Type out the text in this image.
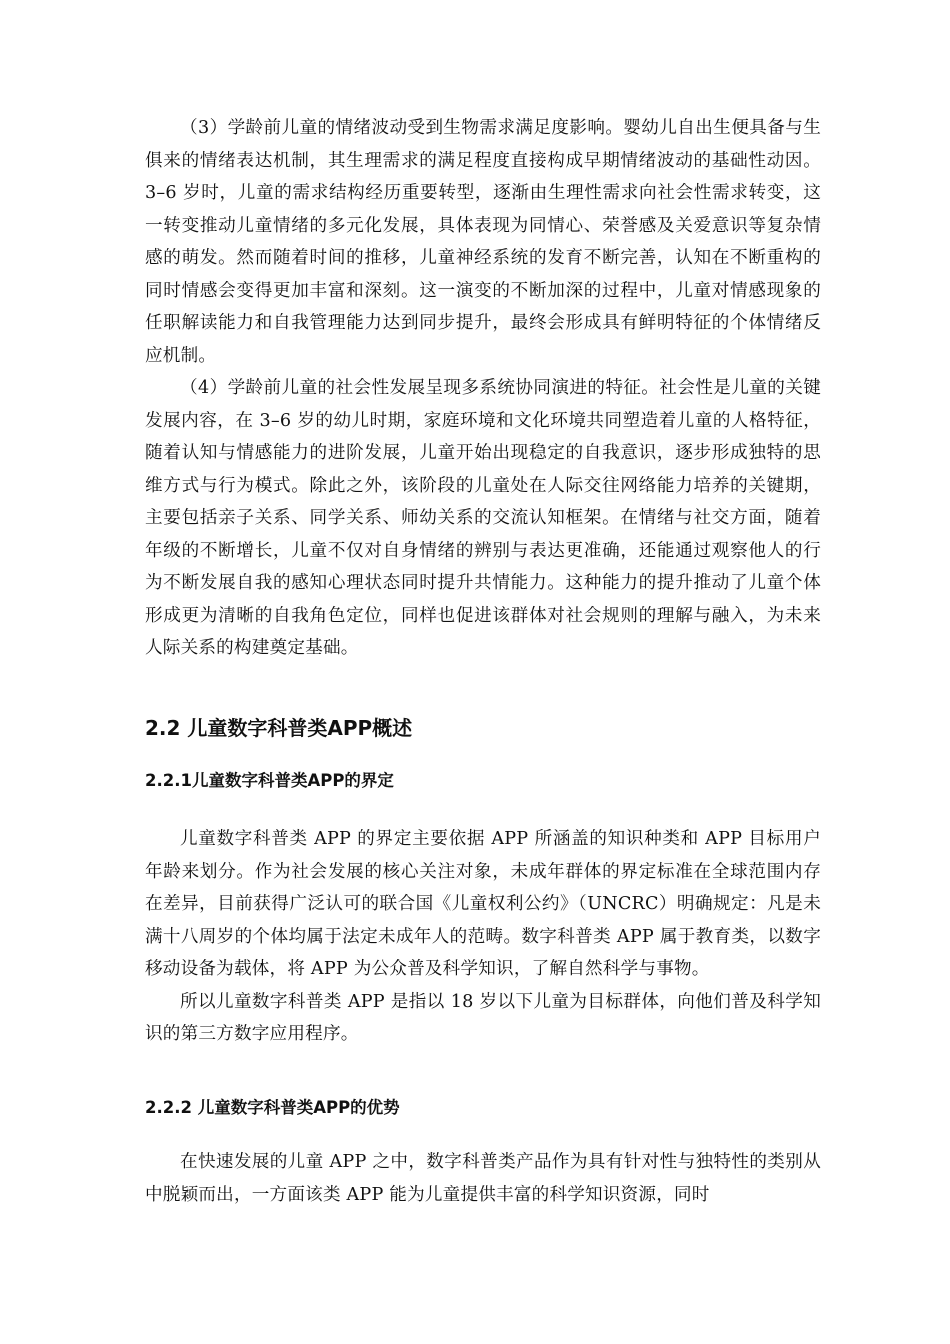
（3）学龄前儿童的情绪波动受到生物需求满足度影响。婴幼儿自出生便具备与生俱来的情绪表达机制，其生理需求的满足程度直接构成早期情绪波动的基础性动因。3–6 岁时，儿童的需求结构经历重要转型，逐渐由生理性需求向社会性需求转变，这一转变推动儿童情绪的多元化发展，具体表现为同情心、荣誉感及关爱意识等复杂情感的萌发。然而随着时间的推移，儿童神经系统的发育不断完善，认知在不断重构的同时情感会变得更加丰富和深刻。这一演变的不断加深的过程中，儿童对情感现象的任职解读能力和自我管理能力达到同步提升，最终会形成具有鲜明特征的个体情绪反应机制。

（4）学龄前儿童的社会性发展呈现多系统协同演进的特征。社会性是儿童的关键发展内容，在 3–6 岁的幼儿时期，家庭环境和文化环境共同塑造着儿童的人格特征，随着认知与情感能力的进阶发展，儿童开始出现稳定的自我意识，逐步形成独特的思维方式与行为模式。除此之外，该阶段的儿童处在人际交往网络能力培养的关键期，主要包括亲子关系、同学关系、师幼关系的交流认知框架。在情绪与社交方面，随着年级的不断增长，儿童不仅对自身情绪的辨别与表达更准确，还能通过观察他人的行为不断发展自我的感知心理状态同时提升共情能力。这种能力的提升推动了儿童个体形成更为清晰的自我角色定位，同样也促进该群体对社会规则的理解与融入，为未来人际关系的构建奠定基础。

2.2 儿童数字科普类APP概述
2.2.1儿童数字科普类APP的界定

儿童数字科普类 APP 的界定主要依据 APP 所涵盖的知识种类和 APP 目标用户年龄来划分。作为社会发展的核心关注对象，未成年群体的界定标准在全球范围内存在差异，目前获得广泛认可的联合国《儿童权利公约》（UNCRC）明确规定：凡是未满十八周岁的个体均属于法定未成年人的范畴。数字科普类 APP 属于教育类，以数字移动设备为载体，将 APP 为公众普及科学知识，了解自然科学与事物。

所以儿童数字科普类 APP 是指以 18 岁以下儿童为目标群体，向他们普及科学知识的第三方数字应用程序。

2.2.2 儿童数字科普类APP的优势

在快速发展的儿童 APP 之中，数字科普类产品作为具有针对性与独特性的类别从中脱颖而出，一方面该类 APP 能为儿童提供丰富的科学知识资源，同时
